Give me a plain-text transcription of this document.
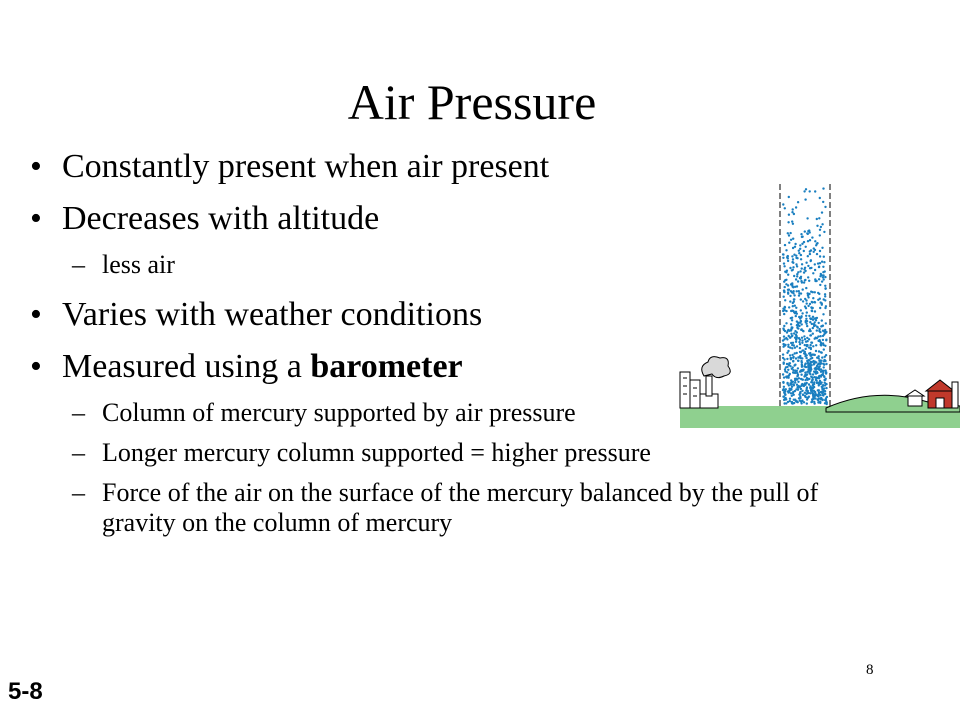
Air Pressure
• Constantly present when air present
• Decreases with altitude
– less air
• Varies with weather conditions
• Measured using a barometer
– Column of mercury supported by air pressure
– Longer mercury column supported = higher pressure
– Force of the air on the surface of the mercury balanced by the pull of gravity on the column of mercury
8
5-8
